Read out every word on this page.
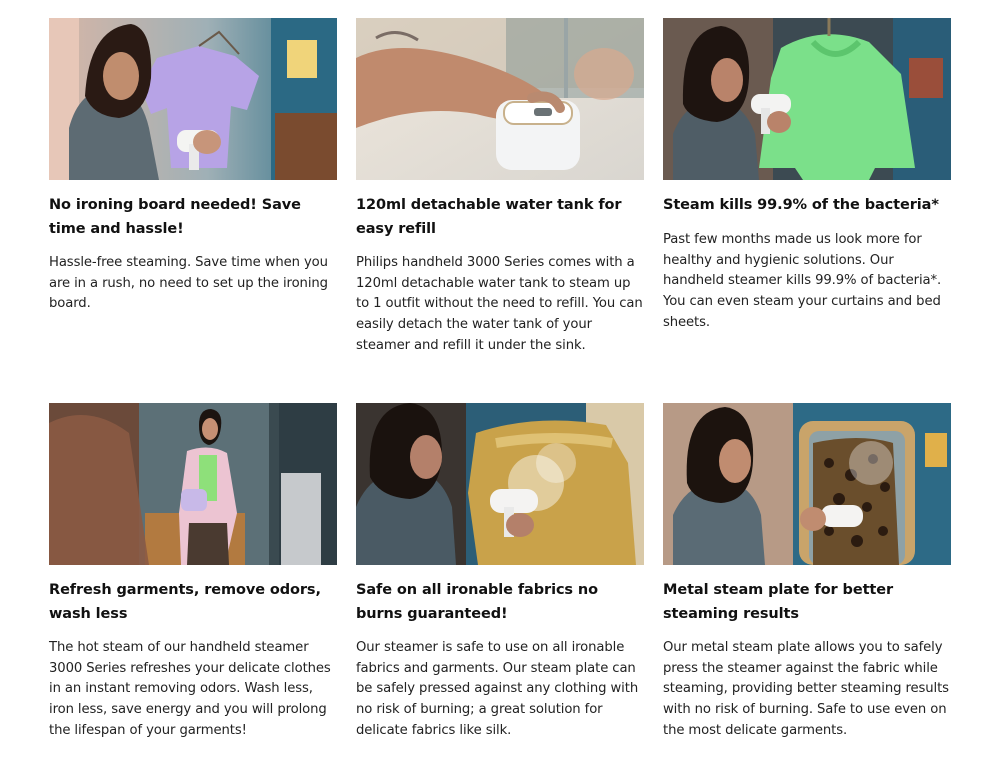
No ironing board needed! Save time and hassle!

Hassle-free steaming. Save time when you are in a rush, no need to set up the ironing board.

120ml detachable water tank for easy refill

Philips handheld 3000 Series comes with a 120ml detachable water tank to steam up to 1 outfit without the need to refill. You can easily detach the water tank of your steamer and refill it under the sink.

Steam kills 99.9% of the bacteria*

Past few months made us look more for healthy and hygienic solutions. Our handheld steamer kills 99.9% of bacteria*. You can even steam your curtains and bed sheets.

Refresh garments, remove odors, wash less

The hot steam of our handheld steamer 3000 Series refreshes your delicate clothes in an instant removing odors. Wash less, iron less, save energy and you will prolong the lifespan of your garments!

Safe on all ironable fabrics no burns guaranteed!

Our steamer is safe to use on all ironable fabrics and garments. Our steam plate can be safely pressed against any clothing with no risk of burning; a great solution for delicate fabrics like silk.

Metal steam plate for better steaming results

Our metal steam plate allows you to safely press the steamer against the fabric while steaming, providing better steaming results with no risk of burning. Safe to use even on the most delicate garments.
